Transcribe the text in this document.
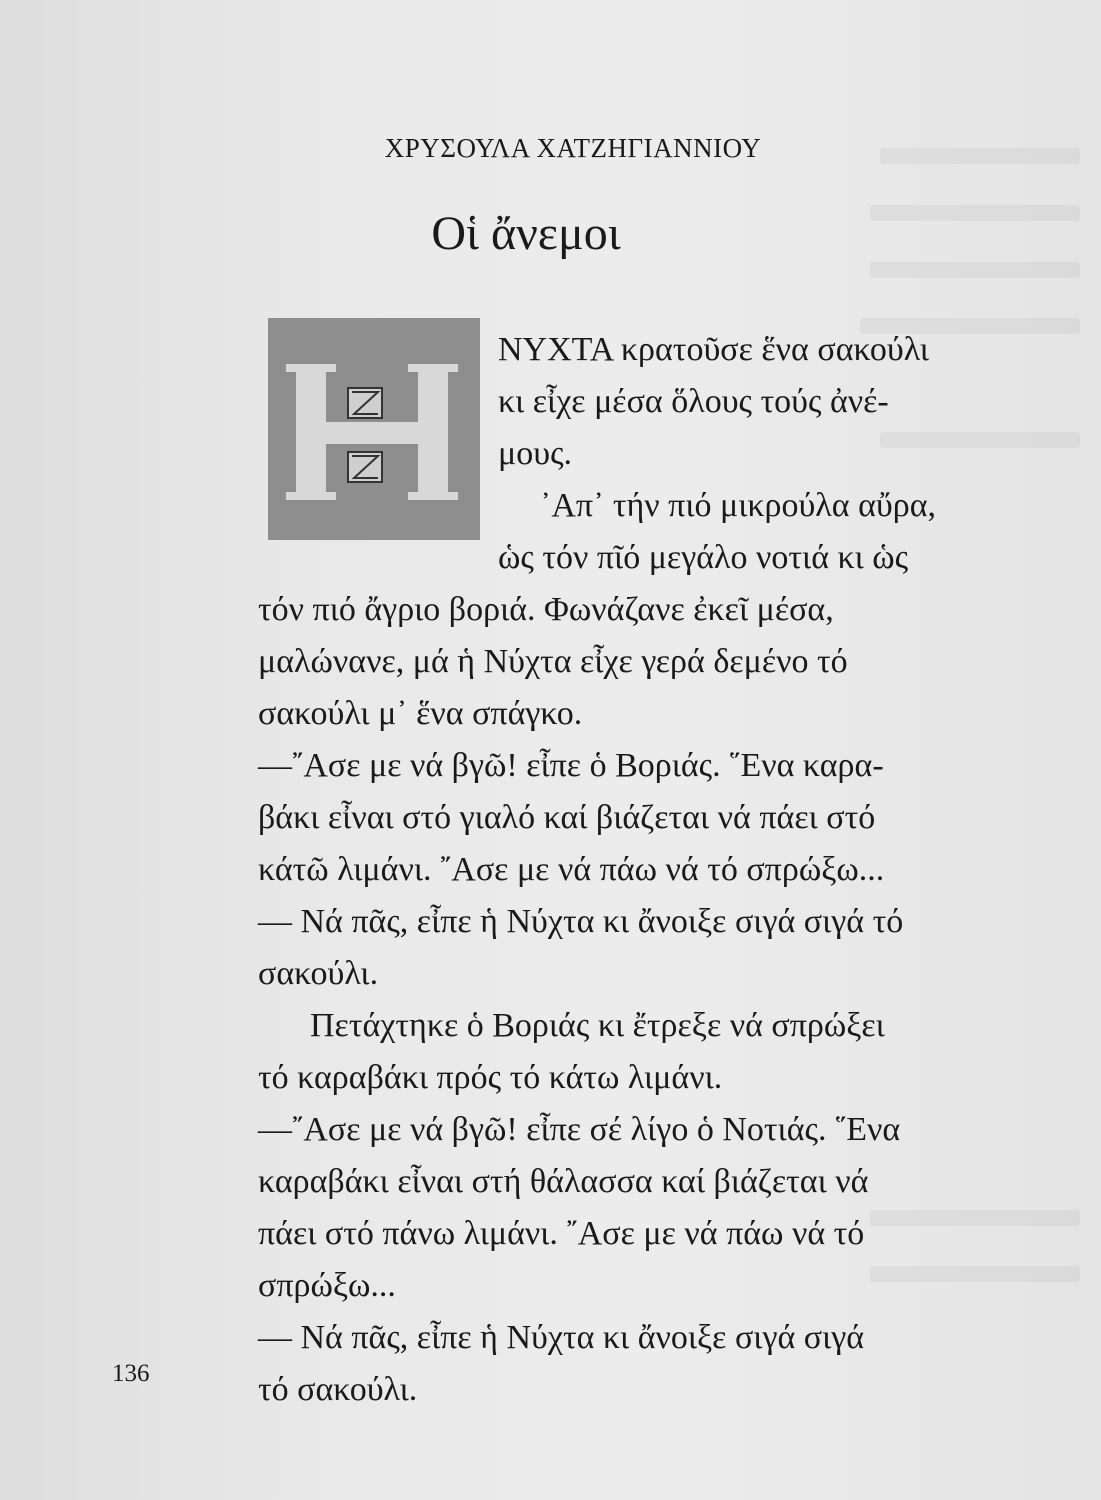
ΧΡΥΣΟΥΛΑ ΧΑΤΖΗΓΙΑΝΝΙΟΥ
Οἱ ἄνεμοι
ΝΥΧΤΑ κρατοῦσε ἕνα σακούλι
κι εἶχε μέσα ὅλους τούς ἀνέ-
μους.
᾿Απ᾿ τήν πιό μικρούλα αὔρα,
ὡς τόν πῖό μεγάλο νοτιά κι ὡς
τόν πιό ἄγριο βοριά. Φωνάζανε ἐκεῖ μέσα,
μαλώνανε, μά ἡ Νύχτα εἶχε γερά δεμένο τό
σακούλι μ᾿ ἕνα σπάγκο.
—῎Ασε με νά βγῶ! εἶπε ὁ Βοριάς. ῞Ενα καρα-
βάκι εἶναι στό γιαλό καί βιάζεται νά πάει στό
κάτῶ λιμάνι. ῎Ασε με νά πάω νά τό σπρώξω...
— Νά πᾶς, εἶπε ἡ Νύχτα κι ἄνοιξε σιγά σιγά τό
σακούλι.
Πετάχτηκε ὁ Βοριάς κι ἔτρεξε νά σπρώξει
τό καραβάκι πρός τό κάτω λιμάνι.
—῎Ασε με νά βγῶ! εἶπε σέ λίγο ὁ Νοτιάς. ῞Ενα
καραβάκι εἶναι στή θάλασσα καί βιάζεται νά
πάει στό πάνω λιμάνι. ῎Ασε με νά πάω νά τό
σπρώξω...
— Νά πᾶς, εἶπε ἡ Νύχτα κι ἄνοιξε σιγά σιγά
τό σακούλι.
136
